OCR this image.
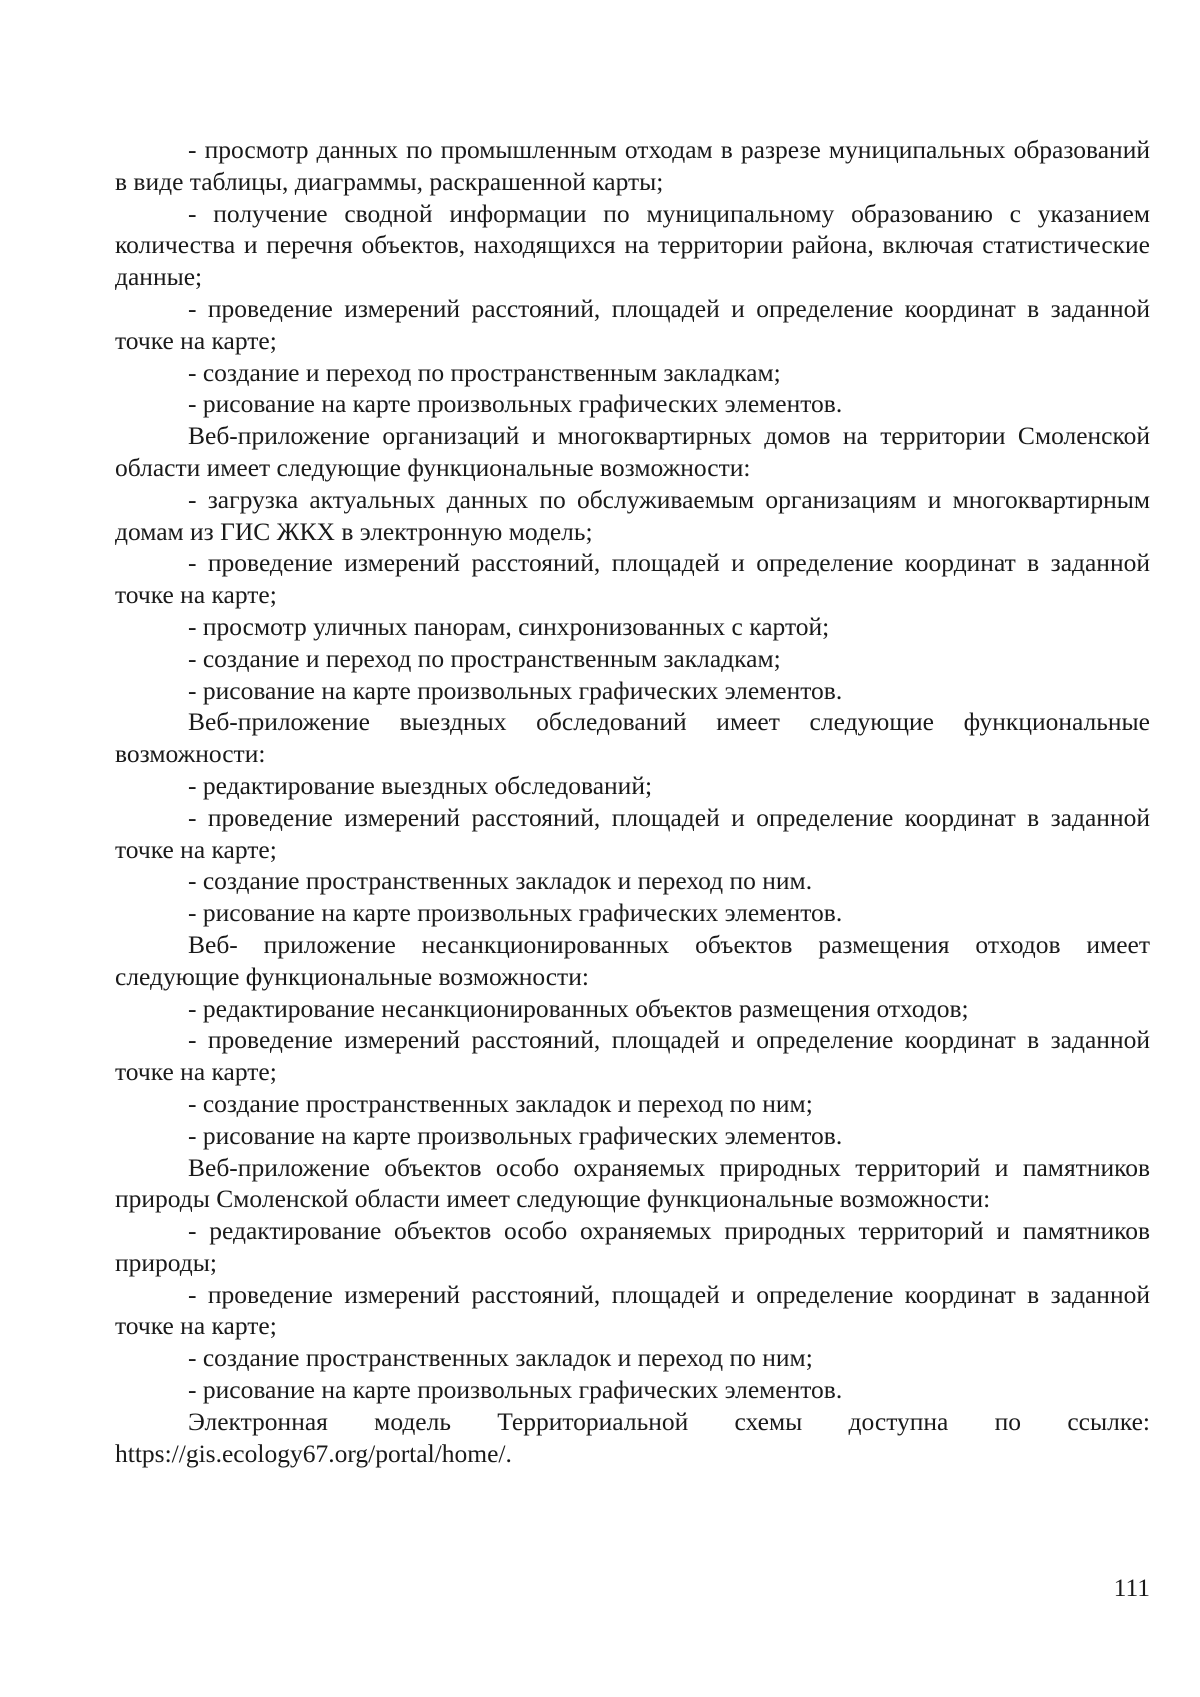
- просмотр данных по промышленным отходам в разрезе муниципальных образований в виде таблицы, диаграммы, раскрашенной карты;

- получение сводной информации по муниципальному образованию с указанием количества и перечня объектов, находящихся на территории района, включая статистические данные;

- проведение измерений расстояний, площадей и определение координат в заданной точке на карте;

- создание и переход по пространственным закладкам;

- рисование на карте произвольных графических элементов.

Веб-приложение организаций и многоквартирных домов на территории Смоленской области имеет следующие функциональные возможности:

- загрузка актуальных данных по обслуживаемым организациям и многоквартирным домам из ГИС ЖКХ в электронную модель;

- проведение измерений расстояний, площадей и определение координат в заданной точке на карте;

- просмотр уличных панорам, синхронизованных с картой;

- создание и переход по пространственным закладкам;

- рисование на карте произвольных графических элементов.

Веб-приложение выездных обследований имеет следующие функциональные возможности:

- редактирование выездных обследований;

- проведение измерений расстояний, площадей и определение координат в заданной точке на карте;

- создание пространственных закладок и переход по ним.

- рисование на карте произвольных графических элементов.

Веб- приложение несанкционированных объектов размещения отходов имеет следующие функциональные возможности:

- редактирование несанкционированных объектов размещения отходов;

- проведение измерений расстояний, площадей и определение координат в заданной точке на карте;

- создание пространственных закладок и переход по ним;

- рисование на карте произвольных графических элементов.

Веб-приложение объектов особо охраняемых природных территорий и памятников природы Смоленской области имеет следующие функциональные возможности:

- редактирование объектов особо охраняемых природных территорий и памятников природы;

- проведение измерений расстояний, площадей и определение координат в заданной точке на карте;

- создание пространственных закладок и переход по ним;

- рисование на карте произвольных графических элементов.

Электронная модель Территориальной схемы доступна по ссылке:
https://gis.ecology67.org/portal/home/.

111
